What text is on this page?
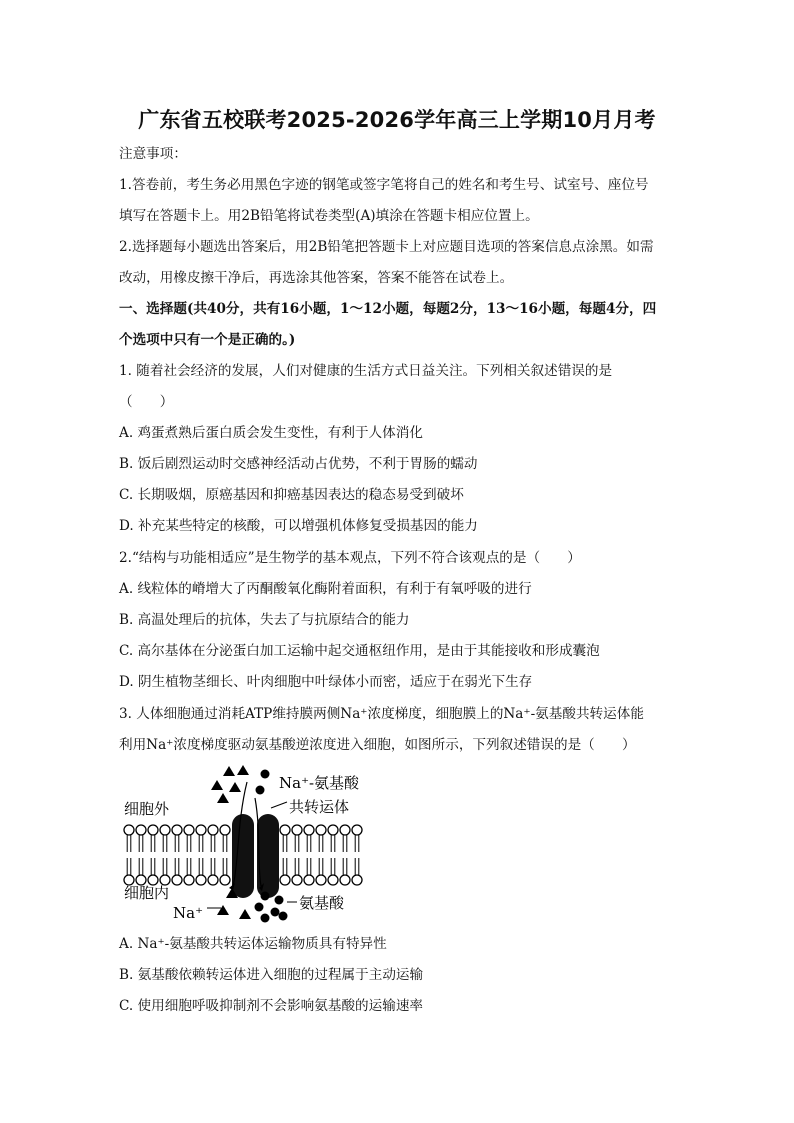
广东省五校联考2025-2026学年高三上学期10月月考
注意事项：
1.答卷前，考生务必用黑色字迹的钢笔或签字笔将自己的姓名和考生号、试室号、座位号
填写在答题卡上。用2B铅笔将试卷类型(A)填涂在答题卡相应位置上。
2.选择题每小题选出答案后，用2B铅笔把答题卡上对应题目选项的答案信息点涂黑。如需
改动，用橡皮擦干净后，再选涂其他答案，答案不能答在试卷上。
一、选择题(共40分，共有16小题，1～12小题，每题2分，13～16小题，每题4分，四
个选项中只有一个是正确的。)
1. 随着社会经济的发展，人们对健康的生活方式日益关注。下列相关叙述错误的是
（　　）
A. 鸡蛋煮熟后蛋白质会发生变性，有利于人体消化
B. 饭后剧烈运动时交感神经活动占优势，不利于胃肠的蠕动
C. 长期吸烟，原癌基因和抑癌基因表达的稳态易受到破坏
D. 补充某些特定的核酸，可以增强机体修复受损基因的能力
2.“结构与功能相适应”是生物学的基本观点，下列不符合该观点的是（　　）
A. 线粒体的嵴增大了丙酮酸氧化酶附着面积，有利于有氧呼吸的进行
B. 高温处理后的抗体，失去了与抗原结合的能力
C. 高尔基体在分泌蛋白加工运输中起交通枢纽作用，是由于其能接收和形成囊泡
D. 阴生植物茎细长、叶肉细胞中叶绿体小而密，适应于在弱光下生存
3. 人体细胞通过消耗ATP维持膜两侧Na⁺浓度梯度，细胞膜上的Na⁺-氨基酸共转运体能
利用Na⁺浓度梯度驱动氨基酸逆浓度进入细胞，如图所示，下列叙述错误的是（　　）
细胞外
细胞内
Na⁺-氨基酸
共转运体
氨基酸
Na⁺
A. Na⁺-氨基酸共转运体运输物质具有特异性
B. 氨基酸依赖转运体进入细胞的过程属于主动运输
C. 使用细胞呼吸抑制剂不会影响氨基酸的运输速率
